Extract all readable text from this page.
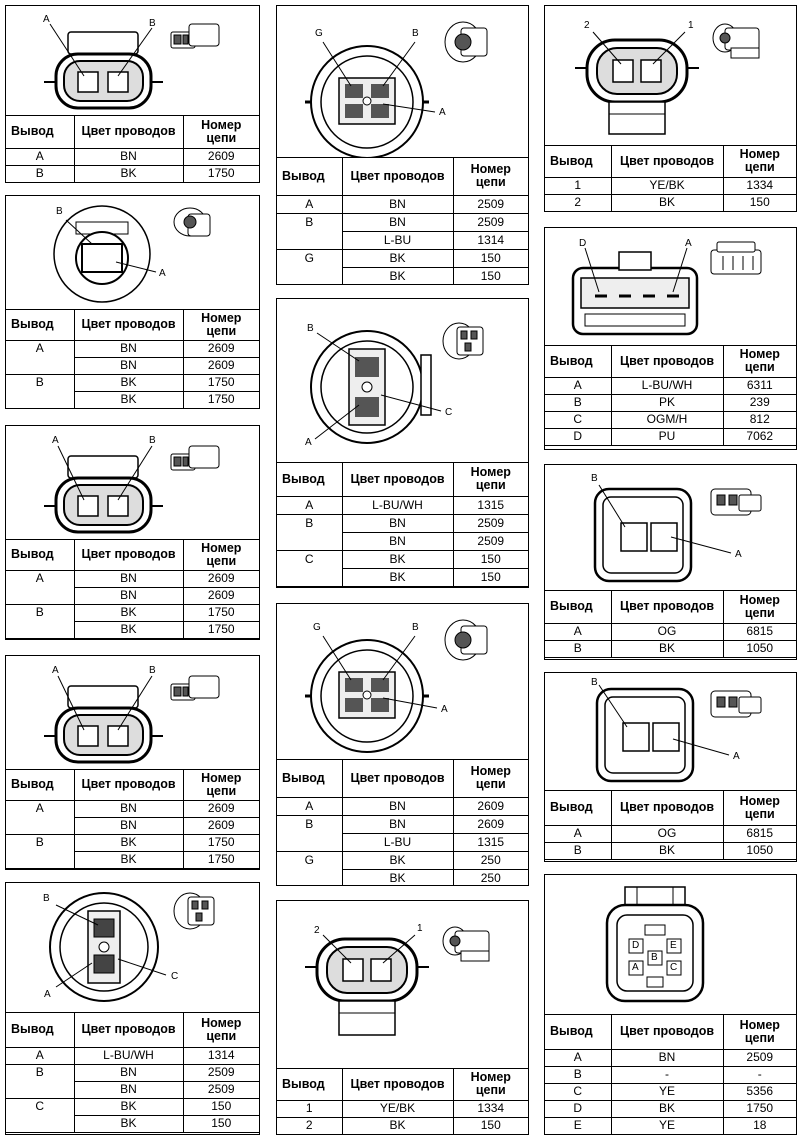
A	B
Вывод	Цвет проводов	Номер цепи
A	BN	2609
B	BK	1750
B
A
Вывод	Цвет проводов	Номер цепи
A	BN	2609
	BN	2609
B	BK	1750
	BK	1750
A	B
Вывод	Цвет проводов	Номер цепи
A	BN	2609
	BN	2609
B	BK	1750
	BK	1750
A	B
Вывод	Цвет проводов	Номер цепи
A	BN	2609
	BN	2609
B	BK	1750
	BK	1750
B
C
A
Вывод	Цвет проводов	Номер цепи
A	L-BU/WH	1314
B	BN	2509
	BN	2509
C	BK	150
	BK	150
G	B
A
Вывод	Цвет проводов	Номер цепи
A	BN	2509
B	BN	2509
	L-BU	1314
G	BK	150
	BK	150
B
C
A
Вывод	Цвет проводов	Номер цепи
A	L-BU/WH	1315
B	BN	2509
	BN	2509
C	BK	150
	BK	150
G	B
A
Вывод	Цвет проводов	Номер цепи
A	BN	2609
B	BN	2609
	L-BU	1315
G	BK	250
	BK	250
2	1
Вывод	Цвет проводов	Номер цепи
1	YE/BK	1334
2	BK	150
2	1
Вывод	Цвет проводов	Номер цепи
1	YE/BK	1334
2	BK	150
D	A
Вывод	Цвет проводов	Номер цепи
A	L-BU/WH	6311
B	PK	239
C	OGM/H	812
D	PU	7062
B
A
Вывод	Цвет проводов	Номер цепи
A	OG	6815
B	BK	1050
B
A
Вывод	Цвет проводов	Номер цепи
A	OG	6815
B	BK	1050
D	E
B
A	C
Вывод	Цвет проводов	Номер цепи
A	BN	2509
B	-	-
C	YE	5356
D	BK	1750
E	YE	18
